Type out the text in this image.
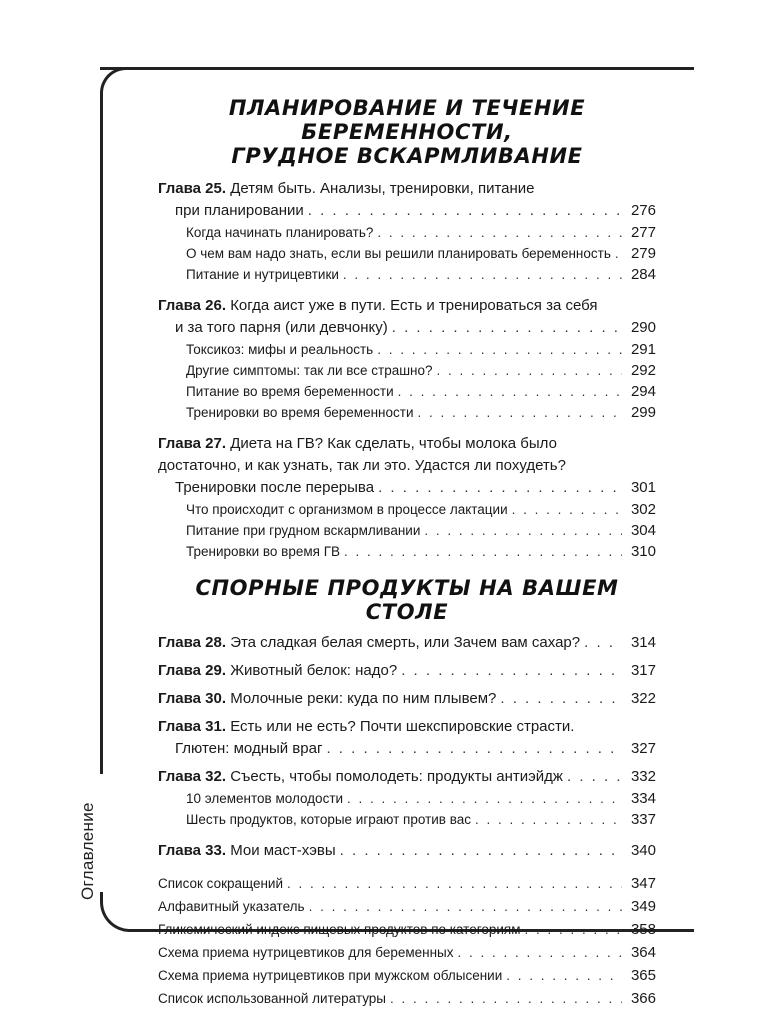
Оглавление
ПЛАНИРОВАНИЕ И ТЕЧЕНИЕ БЕРЕМЕННОСТИ,
ГРУДНОЕ ВСКАРМЛИВАНИЕ
Глава 25. Детям быть. Анализы, тренировки, питание
при планировании . . .	276
Когда начинать планировать? . . .	277
О чем вам надо знать, если вы решили планировать беременность . . .	279
Питание и нутрицевтики . . .	284
Глава 26. Когда аист уже в пути. Есть и тренироваться за себя
и за того парня (или девчонку) . . .	290
Токсикоз: мифы и реальность . . .	291
Другие симптомы: так ли все страшно? . . .	292
Питание во время беременности . . .	294
Тренировки во время беременности . . .	299
Глава 27. Диета на ГВ? Как сделать, чтобы молока было
достаточно, и как узнать, так ли это. Удастся ли похудеть?
Тренировки после перерыва . . .	301
Что происходит с организмом в процессе лактации . . .	302
Питание при грудном вскармливании . . .	304
Тренировки во время ГВ . . .	310
СПОРНЫЕ ПРОДУКТЫ НА ВАШЕМ СТОЛЕ
Глава 28. Эта сладкая белая смерть, или Зачем вам сахар? . . .	314
Глава 29. Животный белок: надо? . . .	317
Глава 30. Молочные реки: куда по ним плывем? . . .	322
Глава 31. Есть или не есть? Почти шекспировские страсти.
Глютен: модный враг . . .	327
Глава 32. Съесть, чтобы помолодеть: продукты антиэйдж . . .	332
10 элементов молодости . . .	334
Шесть продуктов, которые играют против вас . . .	337
Глава 33. Мои маст-хэвы . . .	340
Список сокращений . . .	347
Алфавитный указатель . . .	349
Гликемический индекс пищевых продуктов по категориям . . .	358
Схема приема нутрицевтиков для беременных . . .	364
Схема приема нутрицевтиков при мужском облысении . . .	365
Список использованной литературы . . .	366
